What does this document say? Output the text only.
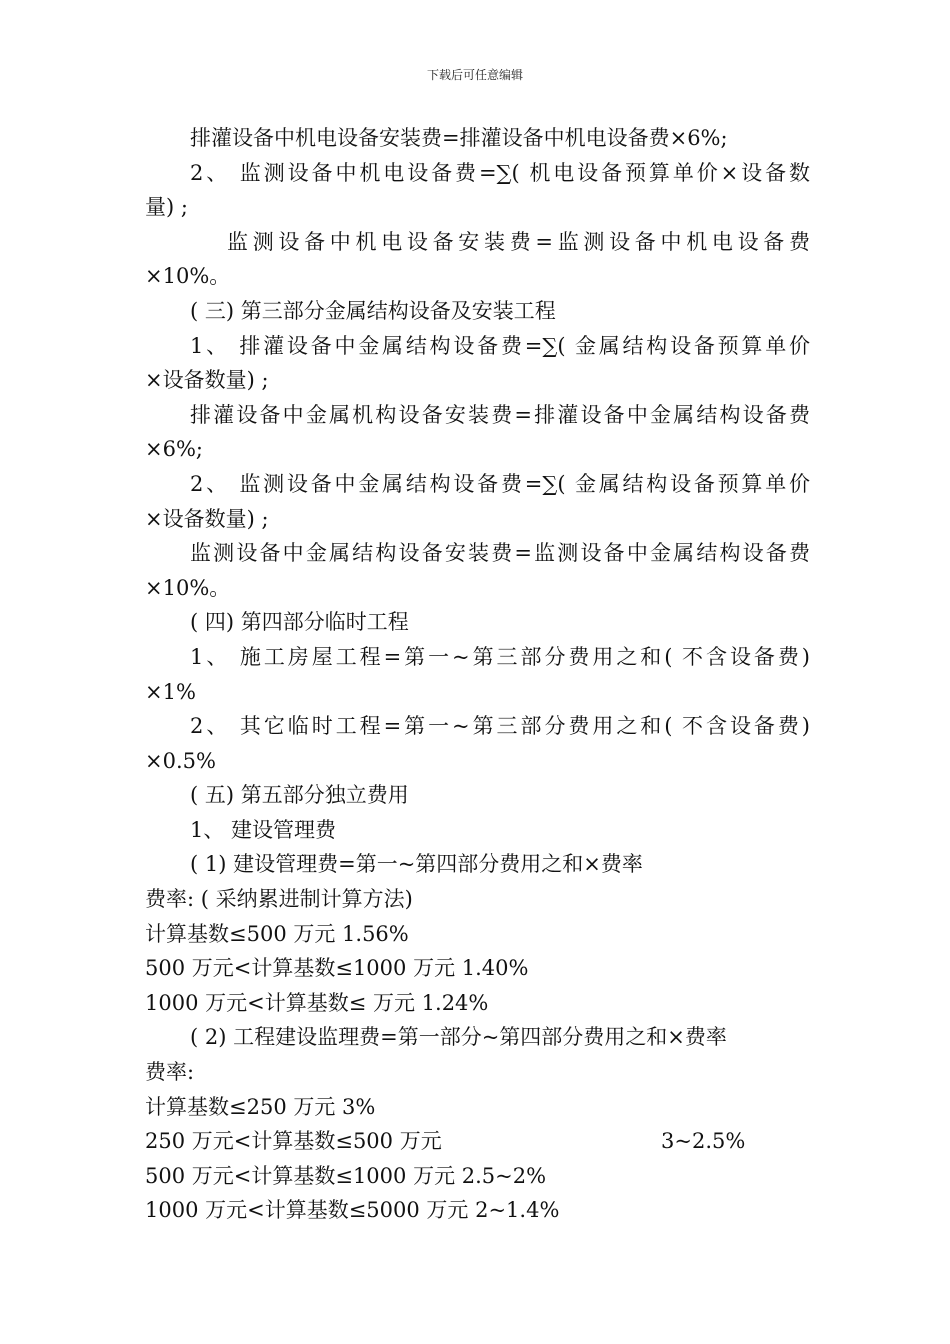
下载后可任意编辑
排灌设备中机电设备安装费=排灌设备中机电设备费×6%;
2、 监测设备中机电设备费=∑( 机电设备预算单价×设备数
量) ;
监测设备中机电设备安装费=监测设备中机电设备费
×10%。
( 三) 第三部分金属结构设备及安装工程
1、 排灌设备中金属结构设备费=∑( 金属结构设备预算单价
×设备数量) ;
排灌设备中金属机构设备安装费=排灌设备中金属结构设备费
×6%;
2、 监测设备中金属结构设备费=∑( 金属结构设备预算单价
×设备数量) ;
监测设备中金属结构设备安装费=监测设备中金属结构设备费
×10%。
( 四) 第四部分临时工程
1、 施工房屋工程=第一~第三部分费用之和( 不含设备费)
×1%
2、 其它临时工程=第一~第三部分费用之和( 不含设备费)
×0.5%
( 五) 第五部分独立费用
1、 建设管理费
( 1) 建设管理费=第一~第四部分费用之和×费率
费率: ( 采纳累进制计算方法)
计算基数≤500 万元 1.56%
500 万元<计算基数≤1000 万元 1.40%
1000 万元<计算基数≤ 万元 1.24%
( 2) 工程建设监理费=第一部分~第四部分费用之和×费率
费率:
计算基数≤250 万元 3%
250 万元<计算基数≤500 万元	3~2.5%
500 万元<计算基数≤1000 万元 2.5~2%
1000 万元<计算基数≤5000 万元 2~1.4%
